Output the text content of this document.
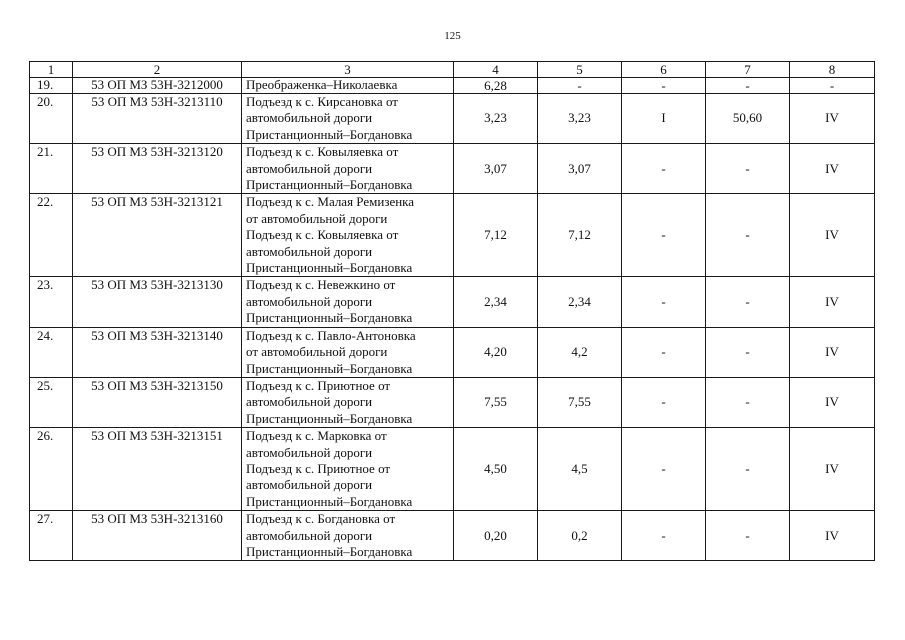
125
1	2	3	4	5	6	7	8
19.	53 ОП МЗ 53Н-3212000	Преображенка–Николаевка	6,28	-	-	-	-
20.	53 ОП МЗ 53Н-3213110	Подъезд к с. Кирсановка от
автомобильной дороги
Пристанционный–Богдановка	3,23	3,23	I	50,60	IV
21.	53 ОП МЗ 53Н-3213120	Подъезд к с. Ковыляевка от
автомобильной дороги
Пристанционный–Богдановка	3,07	3,07	-	-	IV
22.	53 ОП МЗ 53Н-3213121	Подъезд к с. Малая Ремизенка
от автомобильной дороги
Подъезд к с. Ковыляевка от
автомобильной дороги
Пристанционный–Богдановка	7,12	7,12	-	-	IV
23.	53 ОП МЗ 53Н-3213130	Подъезд к с. Невежкино от
автомобильной дороги
Пристанционный–Богдановка	2,34	2,34	-	-	IV
24.	53 ОП МЗ 53Н-3213140	Подъезд к с. Павло-Антоновка
от автомобильной дороги
Пристанционный–Богдановка	4,20	4,2	-	-	IV
25.	53 ОП МЗ 53Н-3213150	Подъезд к с. Приютное от
автомобильной дороги
Пристанционный–Богдановка	7,55	7,55	-	-	IV
26.	53 ОП МЗ 53Н-3213151	Подъезд к с. Марковка от
автомобильной дороги
Подъезд к с. Приютное от
автомобильной дороги
Пристанционный–Богдановка	4,50	4,5	-	-	IV
27.	53 ОП МЗ 53Н-3213160	Подъезд к с. Богдановка от
автомобильной дороги
Пристанционный–Богдановка	0,20	0,2	-	-	IV
